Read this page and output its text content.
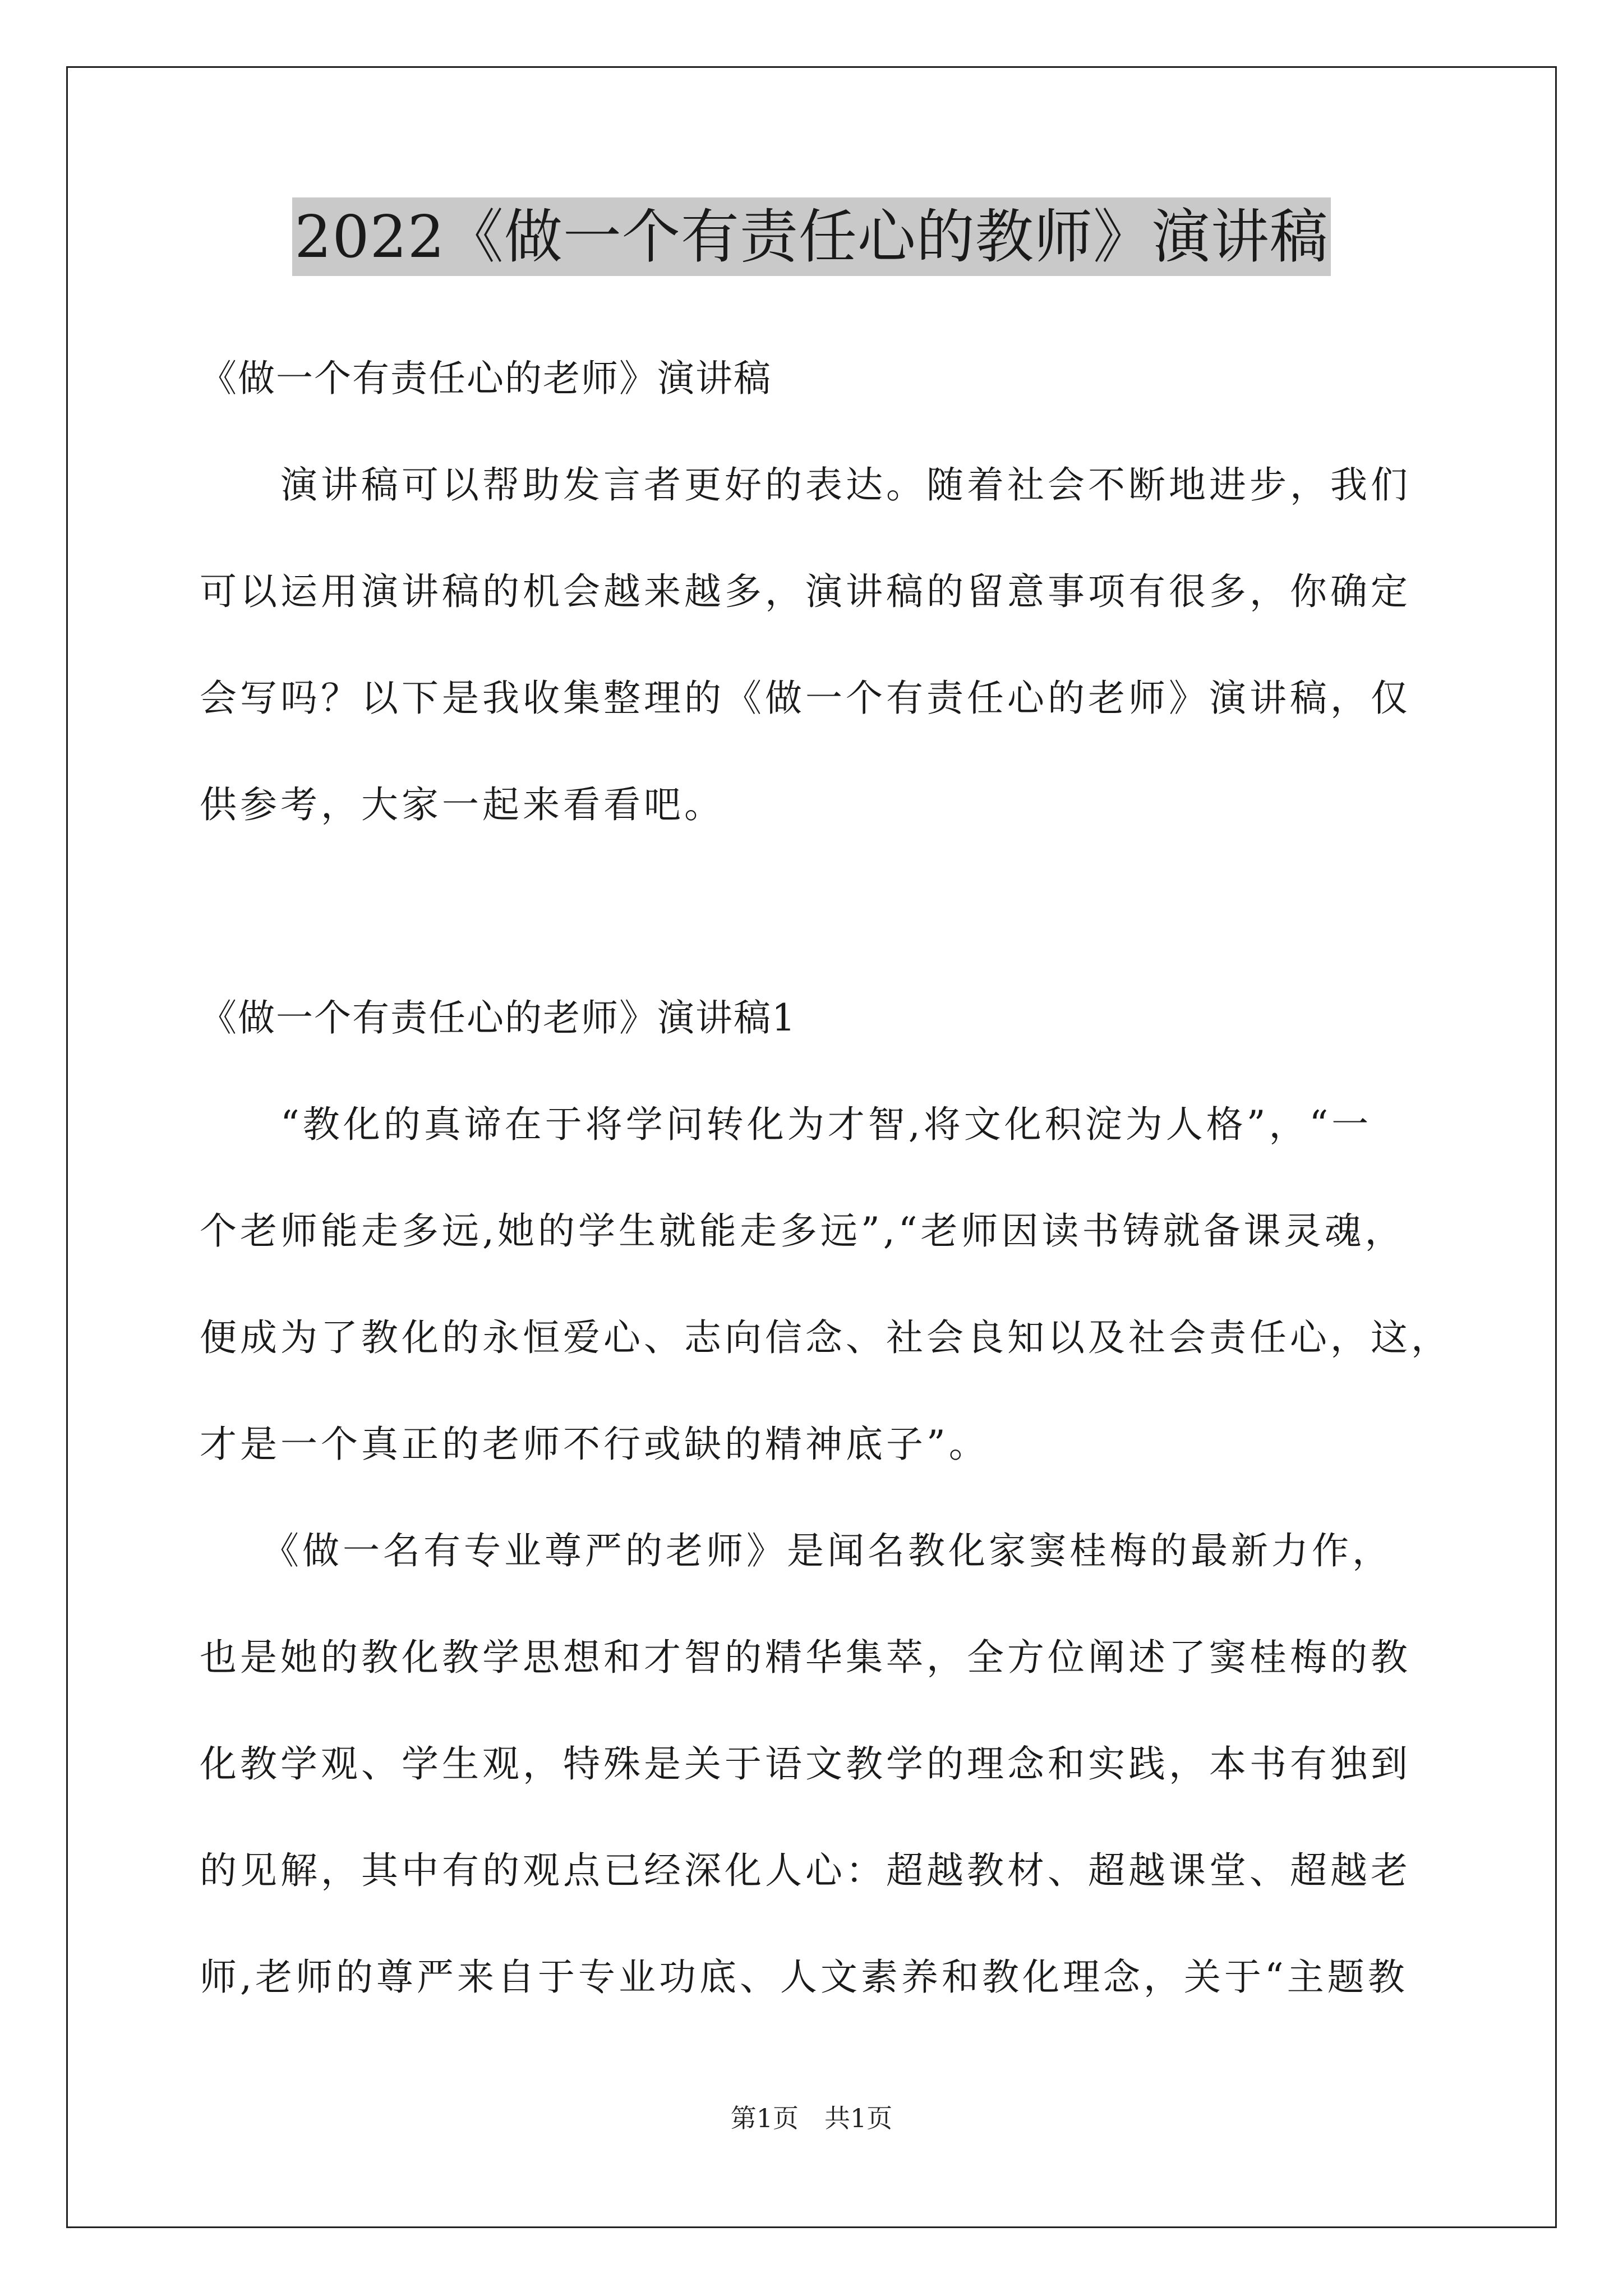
2022《做一个有责任心的教师》演讲稿
《做一个有责任心的老师》演讲稿
　　演讲稿可以帮助发言者更好的表达。随着社会不断地进步，我们
可以运用演讲稿的机会越来越多，演讲稿的留意事项有很多，你确定
会写吗？以下是我收集整理的《做一个有责任心的老师》演讲稿，仅
供参考，大家一起来看看吧。
《做一个有责任心的老师》演讲稿1
　　“教化的真谛在于将学问转化为才智,将文化积淀为人格”，“一
个老师能走多远,她的学生就能走多远”,“老师因读书铸就备课灵魂，
便成为了教化的永恒爱心、志向信念、社会良知以及社会责任心，这，
才是一个真正的老师不行或缺的精神底子”。
　　《做一名有专业尊严的老师》是闻名教化家窦桂梅的最新力作，
也是她的教化教学思想和才智的精华集萃，全方位阐述了窦桂梅的教
化教学观、学生观，特殊是关于语文教学的理念和实践，本书有独到
的见解，其中有的观点已经深化人心：超越教材、超越课堂、超越老
师,老师的尊严来自于专业功底、人文素养和教化理念，关于“主题教
第1页　共1页
